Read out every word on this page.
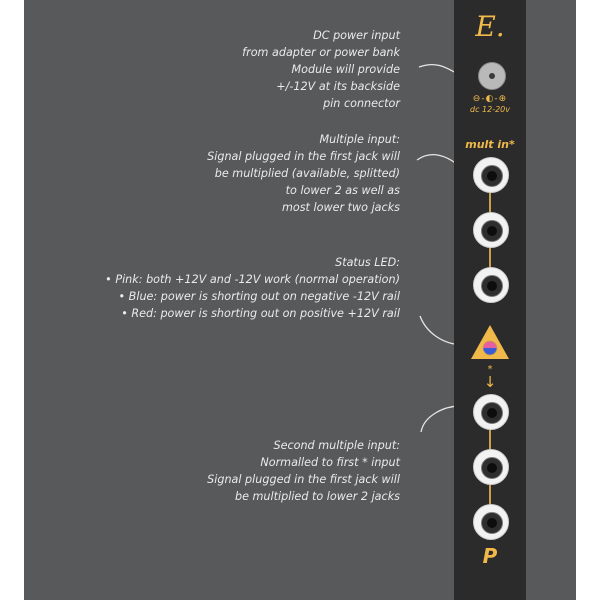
DC power input
from adapter or power bank
Module will provide
+/-12V at its backside
pin connector
Multiple input:
Signal plugged in the first jack will
be multiplied (available, splitted)
to lower 2 as well as
most lower two jacks
Status LED:
• Pink: both +12V and -12V work (normal operation)
• Blue: power is shorting out on negative -12V rail
• Red: power is shorting out on positive +12V rail
Second multiple input:
Normalled to first * input
Signal plugged in the first jack will
be multiplied to lower 2 jacks
E.
⊖-◐-⊕
dc 12-20v
mult in*
*
↓
P
